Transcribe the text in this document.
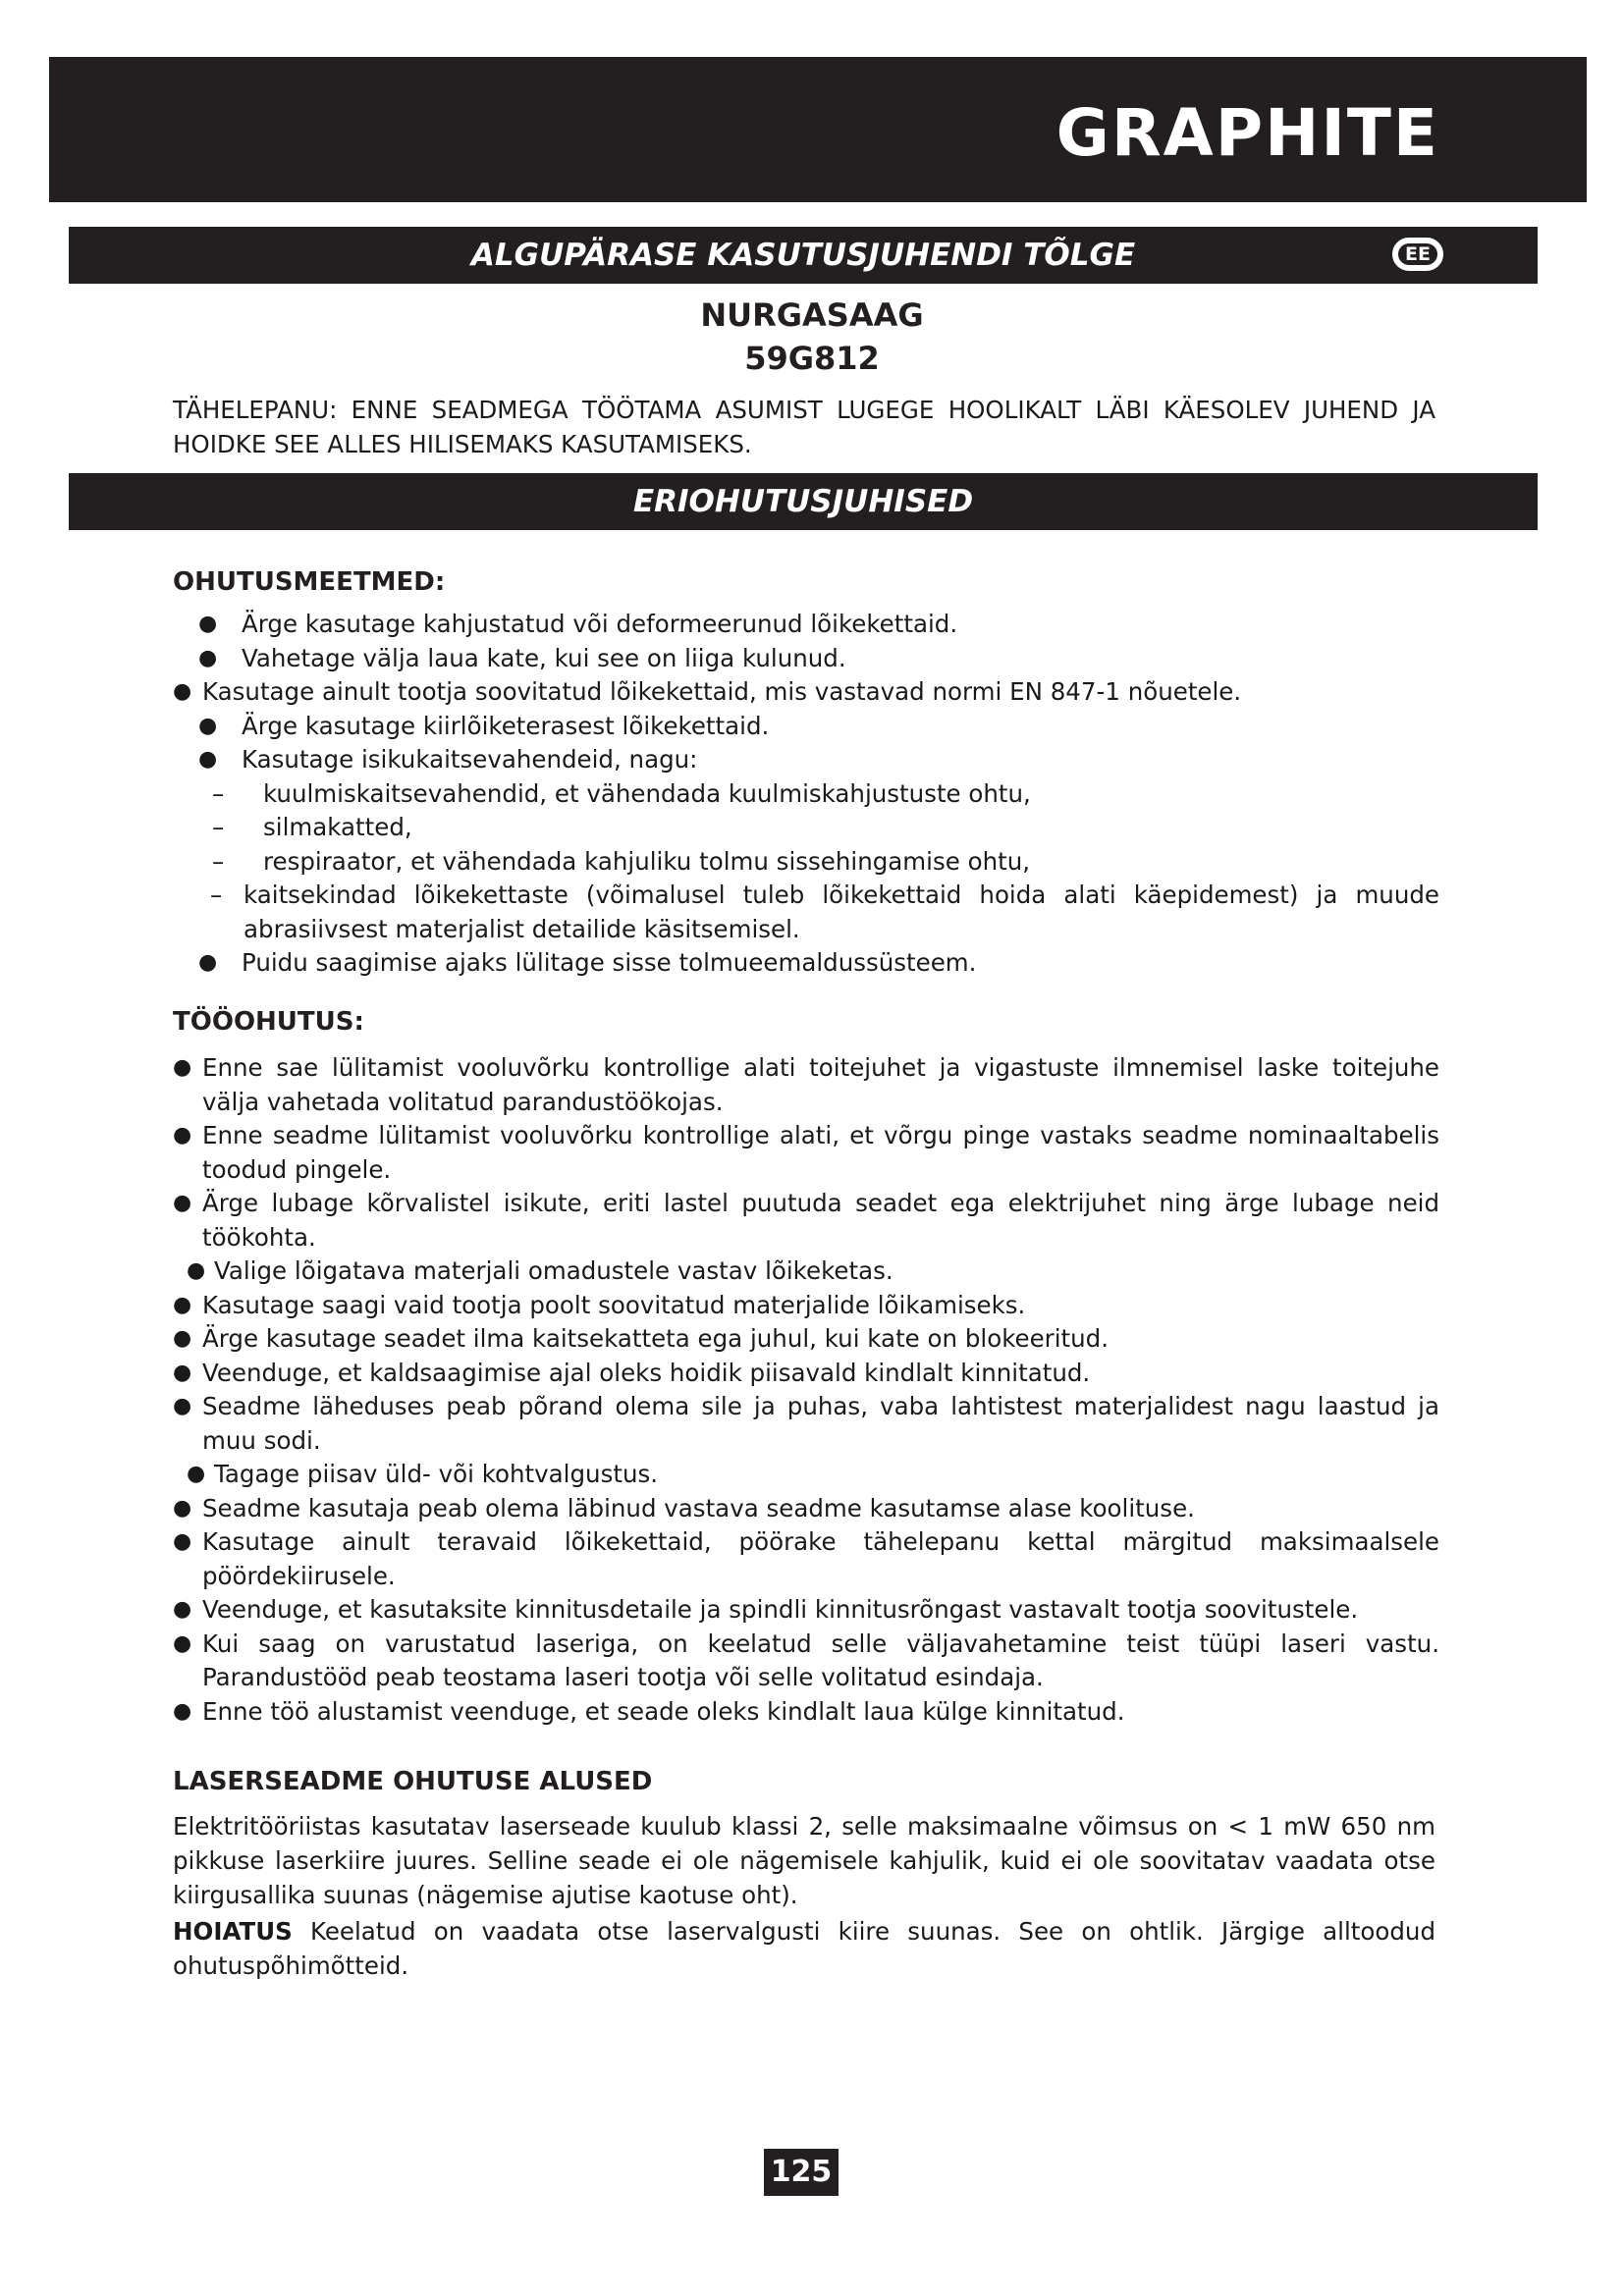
GRAPHITE
ALGUPÄRASE KASUTUSJUHENDI TÕLGE	EE
NURGASAAG
59G812
TÄHELEPANU: ENNE SEADMEGA TÖÖTAMA ASUMIST LUGEGE HOOLIKALT LÄBI KÄESOLEV JUHEND JA HOIDKE SEE ALLES HILISEMAKS KASUTAMISEKS.
ERIOHUTUSJUHISED
OHUTUSMEETMED:
● Ärge kasutage kahjustatud või deformeerunud lõikekettaid.
● Vahetage välja laua kate, kui see on liiga kulunud.
● Kasutage ainult tootja soovitatud lõikekettaid, mis vastavad normi EN 847-1 nõuetele.
● Ärge kasutage kiirlõiketerasest lõikekettaid.
● Kasutage isikukaitsevahendeid, nagu:
– kuulmiskaitsevahendid, et vähendada kuulmiskahjustuste ohtu,
– silmakatted,
– respiraator, et vähendada kahjuliku tolmu sissehingamise ohtu,
– kaitsekindad lõikekettaste (võimalusel tuleb lõikekettaid hoida alati käepidemest) ja muude abrasiivsest materjalist detailide käsitsemisel.
● Puidu saagimise ajaks lülitage sisse tolmueemaldussüsteem.
TÖÖOHUTUS:
● Enne sae lülitamist vooluvõrku kontrollige alati toitejuhet ja vigastuste ilmnemisel laske toitejuhe välja vahetada volitatud parandustöökojas.
● Enne seadme lülitamist vooluvõrku kontrollige alati, et võrgu pinge vastaks seadme nominaaltabelis toodud pingele.
● Ärge lubage kõrvalistel isikute, eriti lastel puutuda seadet ega elektrijuhet ning ärge lubage neid töökohta.
● Valige lõigatava materjali omadustele vastav lõikeketas.
● Kasutage saagi vaid tootja poolt soovitatud materjalide lõikamiseks.
● Ärge kasutage seadet ilma kaitsekatteta ega juhul, kui kate on blokeeritud.
● Veenduge, et kaldsaagimise ajal oleks hoidik piisavald kindlalt kinnitatud.
● Seadme läheduses peab põrand olema sile ja puhas, vaba lahtistest materjalidest nagu laastud ja muu sodi.
● Tagage piisav üld- või kohtvalgustus.
● Seadme kasutaja peab olema läbinud vastava seadme kasutamse alase koolituse.
● Kasutage ainult teravaid lõikekettaid, pöörake tähelepanu kettal märgitud maksimaalsele pöördekiirusele.
● Veenduge, et kasutaksite kinnitusdetaile ja spindli kinnitusrõngast vastavalt tootja soovitustele.
● Kui saag on varustatud laseriga, on keelatud selle väljavahetamine teist tüüpi laseri vastu. Parandustööd peab teostama laseri tootja või selle volitatud esindaja.
● Enne töö alustamist veenduge, et seade oleks kindlalt laua külge kinnitatud.
LASERSEADME OHUTUSE ALUSED
Elektritööriistas kasutatav laserseade kuulub klassi 2, selle maksimaalne võimsus on < 1 mW 650 nm pikkuse laserkiire juures. Selline seade ei ole nägemisele kahjulik, kuid ei ole soovitatav vaadata otse kiirgusallika suunas (nägemise ajutise kaotuse oht).
HOIATUS Keelatud on vaadata otse laservalgusti kiire suunas. See on ohtlik. Järgige alltoodud ohutuspõhimõtteid.
125
